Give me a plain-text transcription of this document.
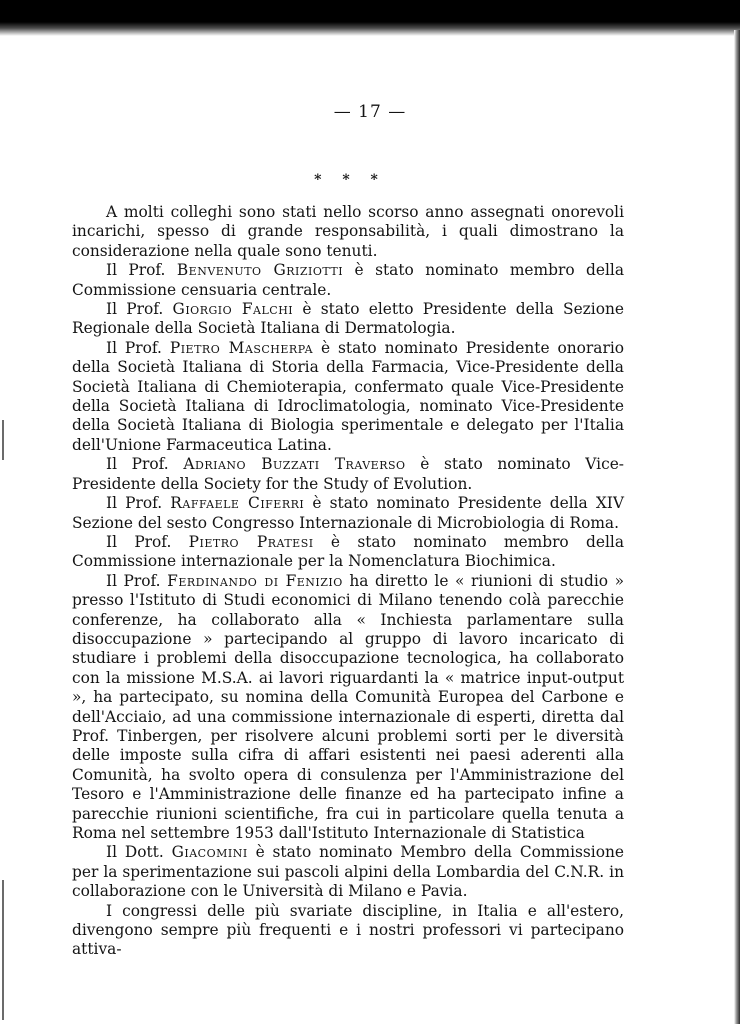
— 17 —
* * *

A molti colleghi sono stati nello scorso anno assegnati onorevoli incarichi, spesso di grande responsabilità, i quali dimostrano la considerazione nella quale sono tenuti.

Il Prof. Benvenuto Griziotti è stato nominato membro della Commissione censuaria centrale.

Il Prof. Giorgio Falchi è stato eletto Presidente della Sezione Regionale della Società Italiana di Dermatologia.

Il Prof. Pietro Mascherpa è stato nominato Presidente onorario della Società Italiana di Storia della Farmacia, Vice-Presidente della Società Italiana di Chemioterapia, confermato quale Vice-Presidente della Società Italiana di Idroclimatologia, nominato Vice-Presidente della Società Italiana di Biologia sperimentale e delegato per l'Italia dell'Unione Farmaceutica Latina.

Il Prof. Adriano Buzzati Traverso è stato nominato Vice-Presidente della Society for the Study of Evolution.

Il Prof. Raffaele Ciferri è stato nominato Presidente della XIV Sezione del sesto Congresso Internazionale di Microbiologia di Roma.

Il Prof. Pietro Pratesi è stato nominato membro della Commissione internazionale per la Nomenclatura Biochimica.

Il Prof. Ferdinando di Fenizio ha diretto le « riunioni di studio » presso l'Istituto di Studi economici di Milano tenendo colà parecchie conferenze, ha collaborato alla « Inchiesta parlamentare sulla disoccupazione » partecipando al gruppo di lavoro incaricato di studiare i problemi della disoccupazione tecnologica, ha collaborato con la missione M.S.A. ai lavori riguardanti la « matrice input-output », ha partecipato, su nomina della Comunità Europea del Carbone e dell'Acciaio, ad una commissione internazionale di esperti, diretta dal Prof. Tinbergen, per risolvere alcuni problemi sorti per le diversità delle imposte sulla cifra di affari esistenti nei paesi aderenti alla Comunità, ha svolto opera di consulenza per l'Amministrazione del Tesoro e l'Amministrazione delle finanze ed ha partecipato infine a parecchie riunioni scientifiche, fra cui in particolare quella tenuta a Roma nel settembre 1953 dall'Istituto Internazionale di Statistica

Il Dott. Giacomini è stato nominato Membro della Commissione per la sperimentazione sui pascoli alpini della Lombardia del C.N.R. in collaborazione con le Università di Milano e Pavia.

I congressi delle più svariate discipline, in Italia e all'estero, divengono sempre più frequenti e i nostri professori vi partecipano attiva-
